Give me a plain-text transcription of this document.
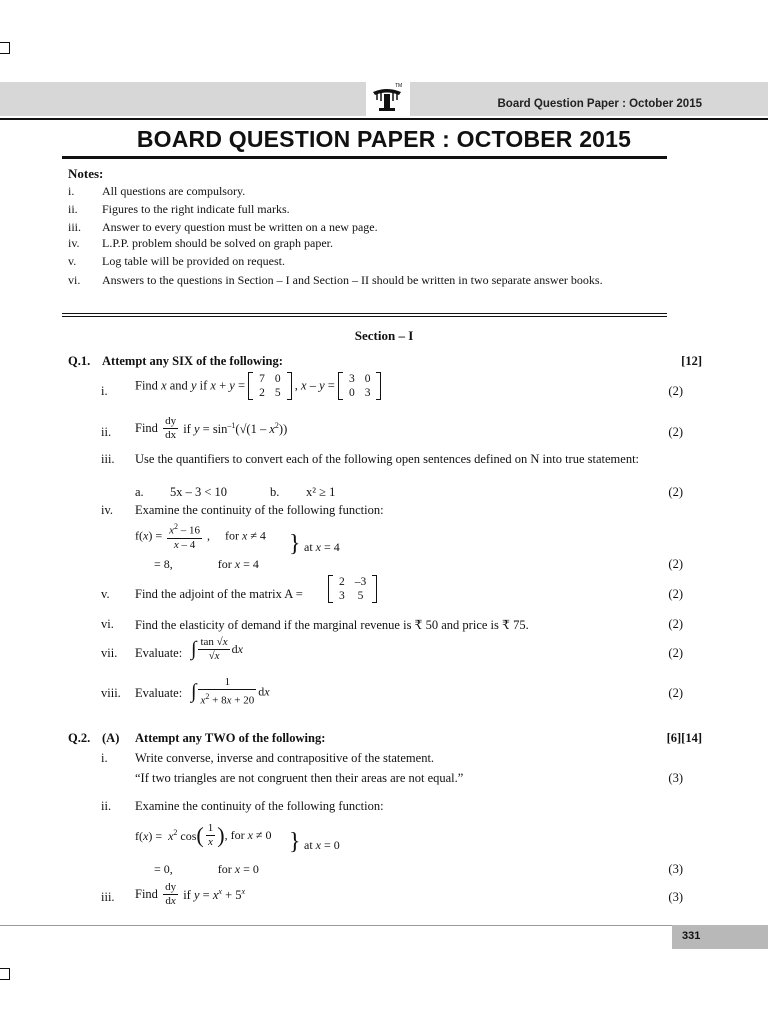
TM
Board Question Paper : October 2015
BOARD QUESTION PAPER : OCTOBER 2015
Notes:
i. All questions are compulsory.
ii. Figures to the right indicate full marks.
iii. Answer to every question must be written on a new page.
iv. L.P.P. problem should be solved on graph paper.
v. Log table will be provided on request.
vi. Answers to the questions in Section – I and Section – II should be written in two separate answer books.
Section – I
Q.1. Attempt any SIX of the following:	[12]
i. Find x and y if x + y = 7	0
2	5
, x – y = 3	0
0	3	(2)
ii. Find $\frac{dy}{dx}$ if $y = \sin^{-1}(√(1 - x^2))$	(2)
iii. Use the quantifiers to convert each of the following open sentences defined on N into true statement:
a. 5x – 3 < 10	b. x² ≥ 1	(2)
iv. Examine the continuity of the following function:
$f(x) = \frac{x^2 - 16}{x - 4}$ ,     for x ≠ 4
= 8,               for x = 4
} at x = 4
(2)
v. Find the adjoint of the matrix A =
2	–3
3	5	(2)
vi. Find the elasticity of demand if the marginal revenue is ₹ 50 and price is ₹ 75.	(2)
vii. Evaluate: ∫ $\frac{\tan √x}{√x}$ dx	(2)
viii. Evaluate: ∫ $\frac{1}{x^2 + 8x + 20}$ dx	(2)
Q.2. (A) Attempt any TWO of the following:	[6][14]
i. Write converse, inverse and contrapositive of the statement.
“If two triangles are not congruent then their areas are not equal.”	(3)
ii. Examine the continuity of the following function:
$f(x) = x^2$ $\cos( \frac{1}{x}$ ), for x ≠ 0
= 0,               for x = 0
} at x = 0
(3)
iii. Find $\frac{dy}{dx}$ if $y = x^x + 5^x$	(3)
331
